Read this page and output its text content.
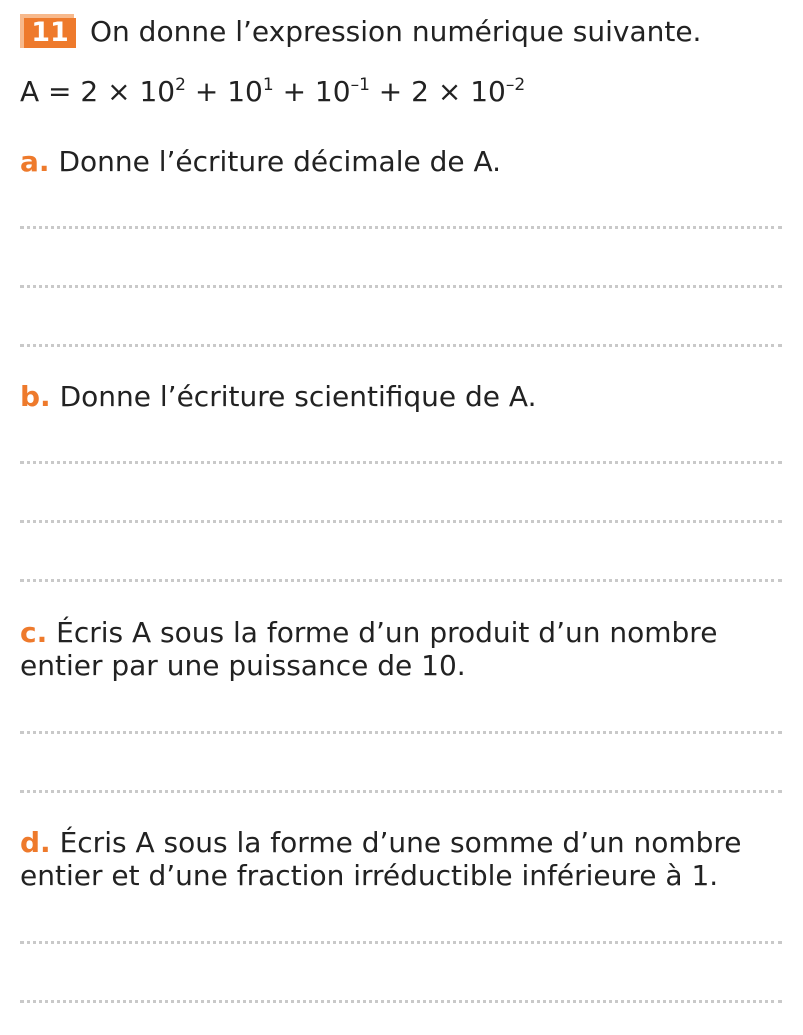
11 On donne l’expression numérique suivante.
$A = 2 \times 10^2 + 10^1 + 10^{-1} + 2 \times 10^{-2}$
a. Donne l’écriture décimale de A.
b. Donne l’écriture scientifique de A.
c. Écris A sous la forme d’un produit d’un nombre
entier par une puissance de 10.
d. Écris A sous la forme d’une somme d’un nombre
entier et d’une fraction irréductible inférieure à 1.
